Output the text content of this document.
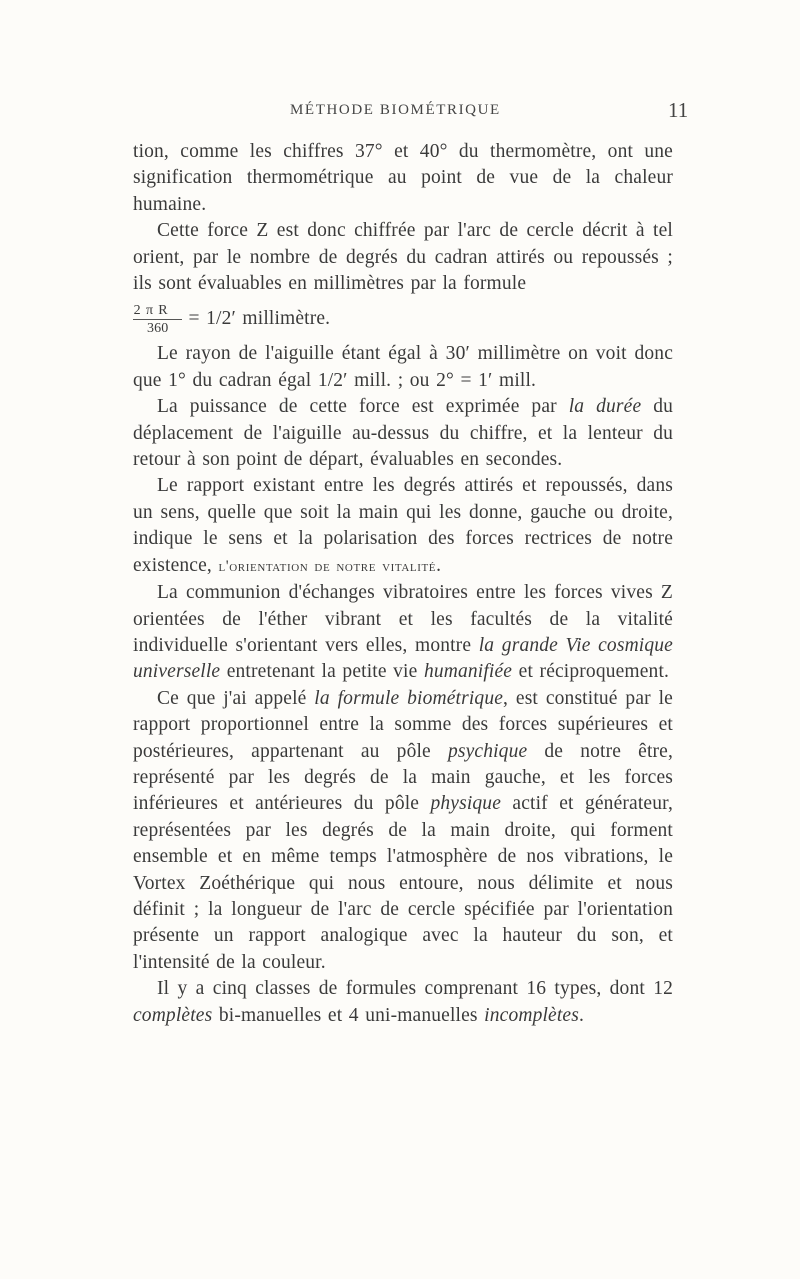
MÉTHODE BIOMÉTRIQUE	11

tion, comme les chiffres 37° et 40° du thermomètre, ont une signification thermométrique au point de vue de la chaleur humaine.

Cette force Z est donc chiffrée par l'arc de cercle décrit à tel orient, par le nombre de degrés du cadran attirés ou repoussés ; ils sont évaluables en millimètres par la formule

$\frac{\text{2 π R}}{360} = 1/2'$ millimètre.

Le rayon de l'aiguille étant égal à 30′ millimètre on voit donc que 1° du cadran égal 1/2′ mill. ; ou 2° = 1′ mill.

La puissance de cette force est exprimée par la durée du déplacement de l'aiguille au-dessus du chiffre, et la lenteur du retour à son point de départ, évaluables en secondes.

Le rapport existant entre les degrés attirés et repoussés, dans un sens, quelle que soit la main qui les donne, gauche ou droite, indique le sens et la polarisation des forces rectrices de notre existence, l'orientation de notre vitalité.

La communion d'échanges vibratoires entre les forces vives Z orientées de l'éther vibrant et les facultés de la vitalité individuelle s'orientant vers elles, montre la grande Vie cosmique universelle entretenant la petite vie humanifiée et réciproquement.

Ce que j'ai appelé la formule biométrique, est constitué par le rapport proportionnel entre la somme des forces supérieures et postérieures, appartenant au pôle psychique de notre être, représenté par les degrés de la main gauche, et les forces inférieures et antérieures du pôle physique actif et générateur, représentées par les degrés de la main droite, qui forment ensemble et en même temps l'atmosphère de nos vibrations, le Vortex Zoéthérique qui nous entoure, nous délimite et nous définit ; la longueur de l'arc de cercle spécifiée par l'orientation présente un rapport analogique avec la hauteur du son, et l'intensité de la couleur.

Il y a cinq classes de formules comprenant 16 types, dont 12 complètes bi-manuelles et 4 uni-manuelles incomplètes.
